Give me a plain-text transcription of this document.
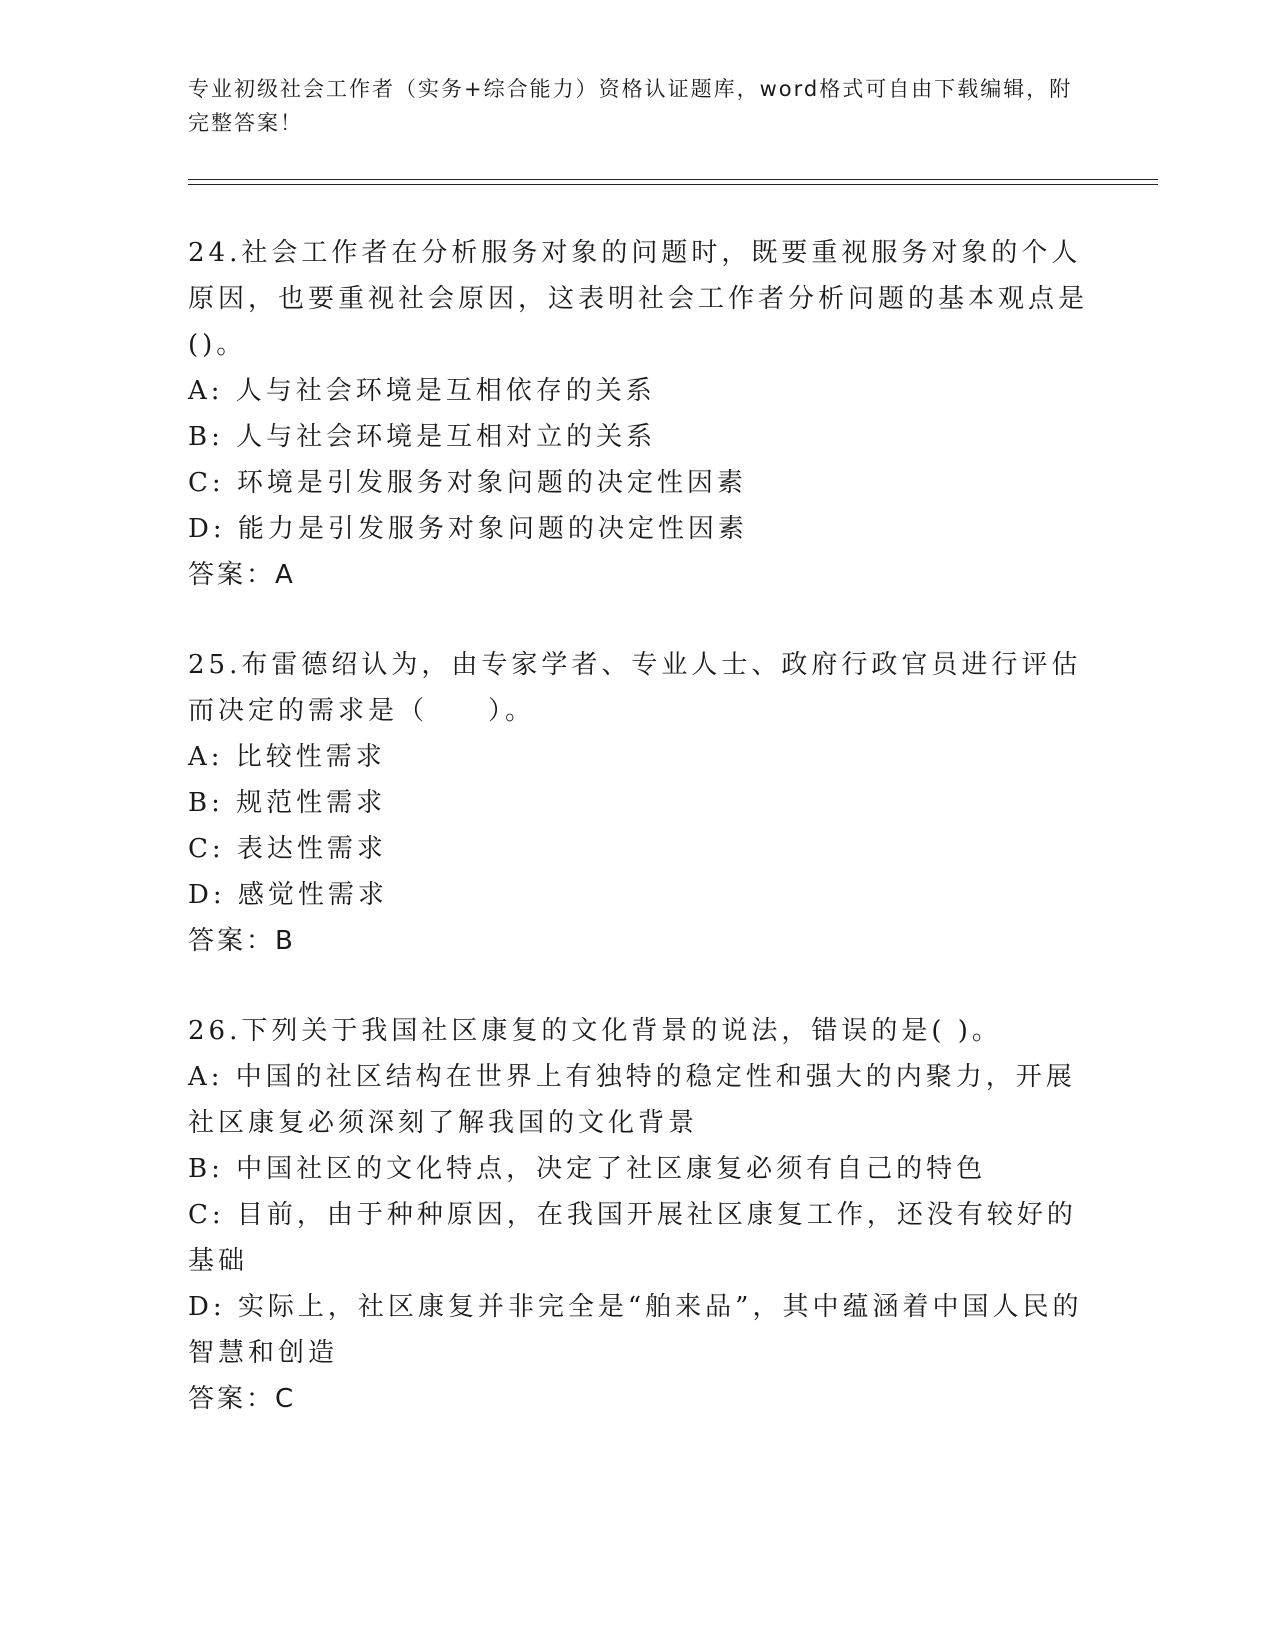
专业初级社会工作者（实务+综合能力）资格认证题库，word格式可自由下载编辑，附完整答案！

24.社会工作者在分析服务对象的问题时，既要重视服务对象的个人原因，也要重视社会原因，这表明社会工作者分析问题的基本观点是()。

A: 人与社会环境是互相依存的关系

B: 人与社会环境是互相对立的关系

C: 环境是引发服务对象问题的决定性因素

D: 能力是引发服务对象问题的决定性因素

答案：A

25.布雷德绍认为，由专家学者、专业人士、政府行政官员进行评估而决定的需求是（　　）。

A: 比较性需求

B: 规范性需求

C: 表达性需求

D: 感觉性需求

答案：B

26.下列关于我国社区康复的文化背景的说法，错误的是( )。

A: 中国的社区结构在世界上有独特的稳定性和强大的内聚力，开展社区康复必须深刻了解我国的文化背景

B: 中国社区的文化特点，决定了社区康复必须有自己的特色

C: 目前，由于种种原因，在我国开展社区康复工作，还没有较好的基础

D: 实际上，社区康复并非完全是“舶来品”，其中蕴涵着中国人民的智慧和创造

答案：C
